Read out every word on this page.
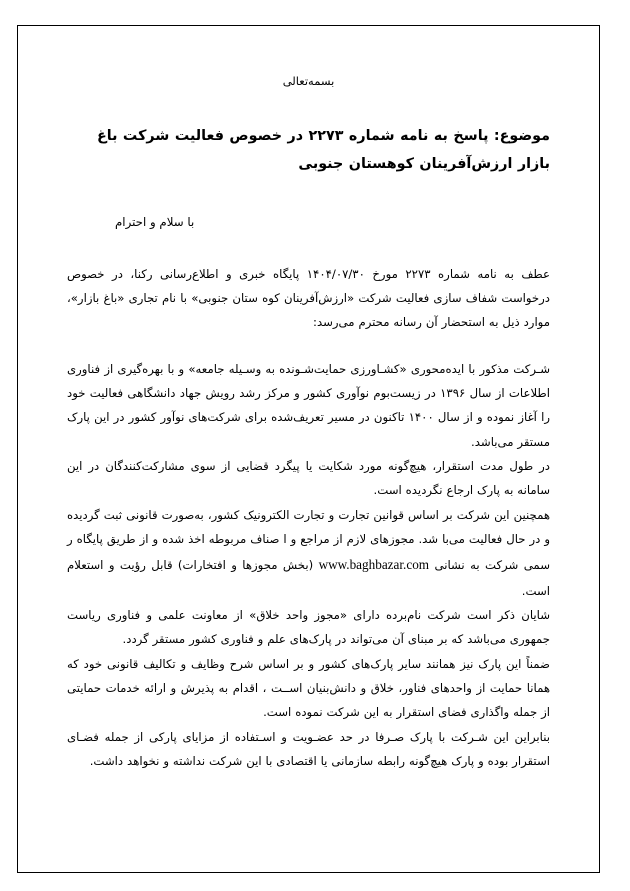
بسمه‌تعالی
موضوع: پاسخ به نامه شماره ۲۲۷۳ در خصوص فعالیت شرکت باغ بازار ارزش‌آفرینان کوهستان جنوبی
با سلام و احترام
عطف به نامه شماره ۲۲۷۳ مورخ ۱۴۰۴/۰۷/۳۰ پایگاه خبری و اطلاع‌رسانی رکنا، در خصوص درخواست شفاف سازی فعالیت شرکت «ارزش‌آفرینان کوه ستان جنوبی» با نام تجاری «باغ بازار»، موارد ذیل به استحضار آن رسانه محترم می‌رسد:
شـرکت مذکور با ایده‌محوری «کشـاورزی حمایت‌شـونده به وسـیله جامعه» و با بهره‌گیری از فناوری اطلاعات از سال ۱۳۹۶ در زیست‌بوم نوآوری کشور و مرکز رشد رویش جهاد دانشگاهی فعالیت خود را آغاز نموده و از سال ۱۴۰۰ تاکنون در مسیر تعریف‌شده برای شرکت‌های نوآور کشور در این پارک مستقر می‌باشد.
در طول مدت استقرار، هیچ‌گونه مورد شکایت یا پیگرد قضایی از سوی مشارکت‌کنندگان در این سامانه به پارک ارجاع نگردیده است.
همچنین این شرکت بر اساس قوانین تجارت و تجارت الکترونیک کشور، به‌صورت قانونی ثبت گردیده و در حال فعالیت می‌با شد. مجوزهای لازم از مراجع و ا صناف مربوطه اخذ شده و از طریق پایگاه ر سمی شرکت به نشانی www.baghbazar.com (بخش مجوزها و افتخارات) قابل رؤیت و استعلام است.
شایان ذکر است شرکت نام‌برده دارای «مجوز واحد خلاق» از معاونت علمی و فناوری ریاست جمهوری می‌باشد که بر مبنای آن می‌تواند در پارک‌های علم و فناوری کشور مستقر گردد.
ضمناً این پارک نیز همانند سایر پارک‌های کشور و بر اساس شرح وظایف و تکالیف قانونی خود که همانا حمایت از واحدهای فناور، خلاق و دانش‌بنیان اســت ، اقدام به پذیرش و ارائه خدمات حمایتی از جمله واگذاری فضای استقرار به این شرکت نموده است.
بنابراین این شـرکت با پارک صـرفا در حد عضـویت و اسـتفاده از مزایای پارکی از جمله فضـای استقرار بوده و پارک هیچ‌گونه رابطه سازمانی یا اقتصادی با این شرکت نداشته و نخواهد داشت.
